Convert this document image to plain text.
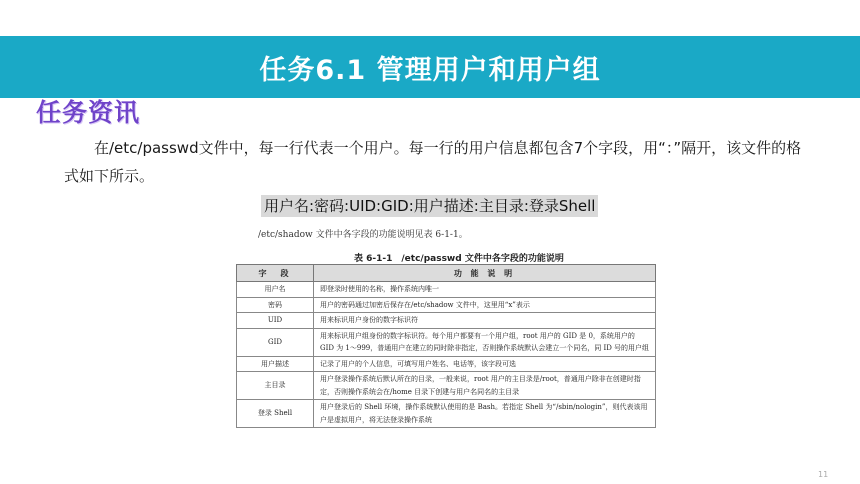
任务6.1 管理用户和用户组
任务资讯
在/etc/passwd文件中，每一行代表一个用户。每一行的用户信息都包含7个字段，用“：”隔开，该文件的格式如下所示。
用户名:密码:UID:GID:用户描述:主目录:登录Shell
/etc/shadow 文件中各字段的功能说明见表 6-1-1。
表 6-1-1　/etc/passwd 文件中各字段的功能说明
字　段	功 能 说 明
用户名	即登录时使用的名称，操作系统内唯一
密码	用户的密码通过加密后保存在/etc/shadow 文件中，这里用“x”表示
UID	用来标识用户身份的数字标识符
GID	用来标识用户组身份的数字标识符。每个用户都要有一个用户组，root 用户的 GID 是 0，系统用户的 GID 为 1～999，普通用户在建立的同时除非指定，否则操作系统默认会建立一个同名，同 ID 号的用户组
用户描述	记录了用户的个人信息，可填写用户姓名、电话等，该字段可选
主目录	用户登录操作系统后默认所在的目录，一般来说，root 用户的主目录是/root，普通用户除非在创建时指定，否则操作系统会在/home 目录下创建与用户名同名的主目录
登录 Shell	用户登录后的 Shell 环境，操作系统默认使用的是 Bash。若指定 Shell 为“/sbin/nologin”，则代表该用户是虚拟用户，将无法登录操作系统
11
